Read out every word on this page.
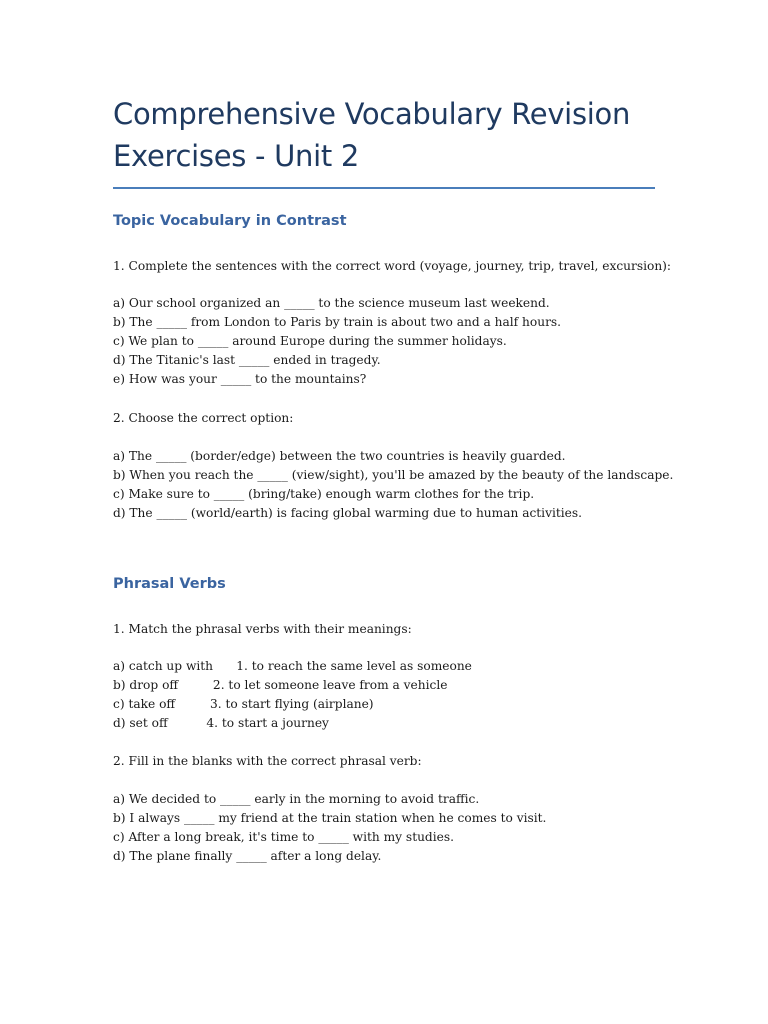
Comprehensive Vocabulary Revision
Exercises - Unit 2
Topic Vocabulary in Contrast

1. Complete the sentences with the correct word (voyage, journey, trip, travel, excursion):

a) Our school organized an _____ to the science museum last weekend.
b) The _____ from London to Paris by train is about two and a half hours.
c) We plan to _____ around Europe during the summer holidays.
d) The Titanic's last _____ ended in tragedy.
e) How was your _____ to the mountains?

2. Choose the correct option:

a) The _____ (border/edge) between the two countries is heavily guarded.
b) When you reach the _____ (view/sight), you'll be amazed by the beauty of the landscape.
c) Make sure to _____ (bring/take) enough warm clothes for the trip.
d) The _____ (world/earth) is facing global warming due to human activities.
Phrasal Verbs

1. Match the phrasal verbs with their meanings:

a) catch up with      1. to reach the same level as someone
b) drop off         2. to let someone leave from a vehicle
c) take off         3. to start flying (airplane)
d) set off          4. to start a journey

2. Fill in the blanks with the correct phrasal verb:

a) We decided to _____ early in the morning to avoid traffic.
b) I always _____ my friend at the train station when he comes to visit.
c) After a long break, it's time to _____ with my studies.
d) The plane finally _____ after a long delay.
